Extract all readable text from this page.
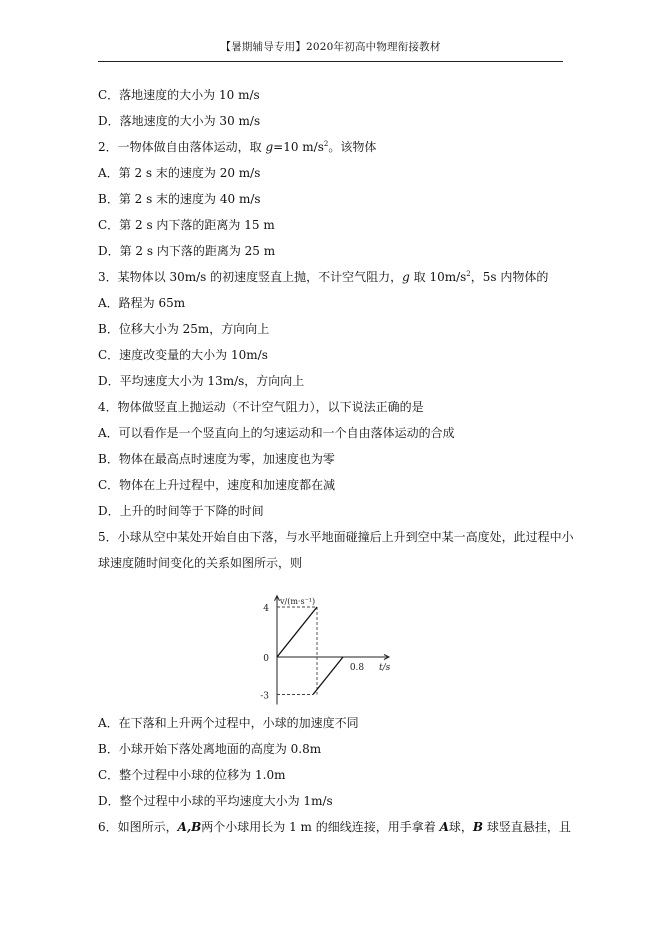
【暑期辅导专用】2020年初高中物理衔接教材
C．落地速度的大小为 10 m/s
D．落地速度的大小为 30 m/s
2．一物体做自由落体运动，取 g=10 $m/s^2$。该物体
A．第 2 s 末的速度为 20 m/s
B．第 2 s 末的速度为 40 m/s
C．第 2 s 内下落的距离为 15 m
D．第 2 s 内下落的距离为 25 m
3．某物体以 30m/s 的初速度竖直上抛，不计空气阻力，g 取 $10m/s^2$，5s 内物体的
A．路程为 65m
B．位移大小为 25m，方向向上
C．速度改变量的大小为 10m/s
D．平均速度大小为 13m/s，方向向上
4．物体做竖直上抛运动（不计空气阻力），以下说法正确的是
A．可以看作是一个竖直向上的匀速运动和一个自由落体运动的合成
B．物体在最高点时速度为零，加速度也为零
C．物体在上升过程中，速度和加速度都在减
D．上升的时间等于下降的时间
5．小球从空中某处开始自由下落，与水平地面碰撞后上升到空中某一高度处，此过程中小
球速度随时间变化的关系如图所示，则
v/(m·s⁻¹)
t/s
4
0
-3
0.8
A．在下落和上升两个过程中，小球的加速度不同
B．小球开始下落处离地面的高度为 0.8m
C．整个过程中小球的位移为 1.0m
D．整个过程中小球的平均速度大小为 1m/s
6．如图所示，A,B两个小球用长为 1 m 的细线连接，用手拿着 A球，B 球竖直悬挂，且
